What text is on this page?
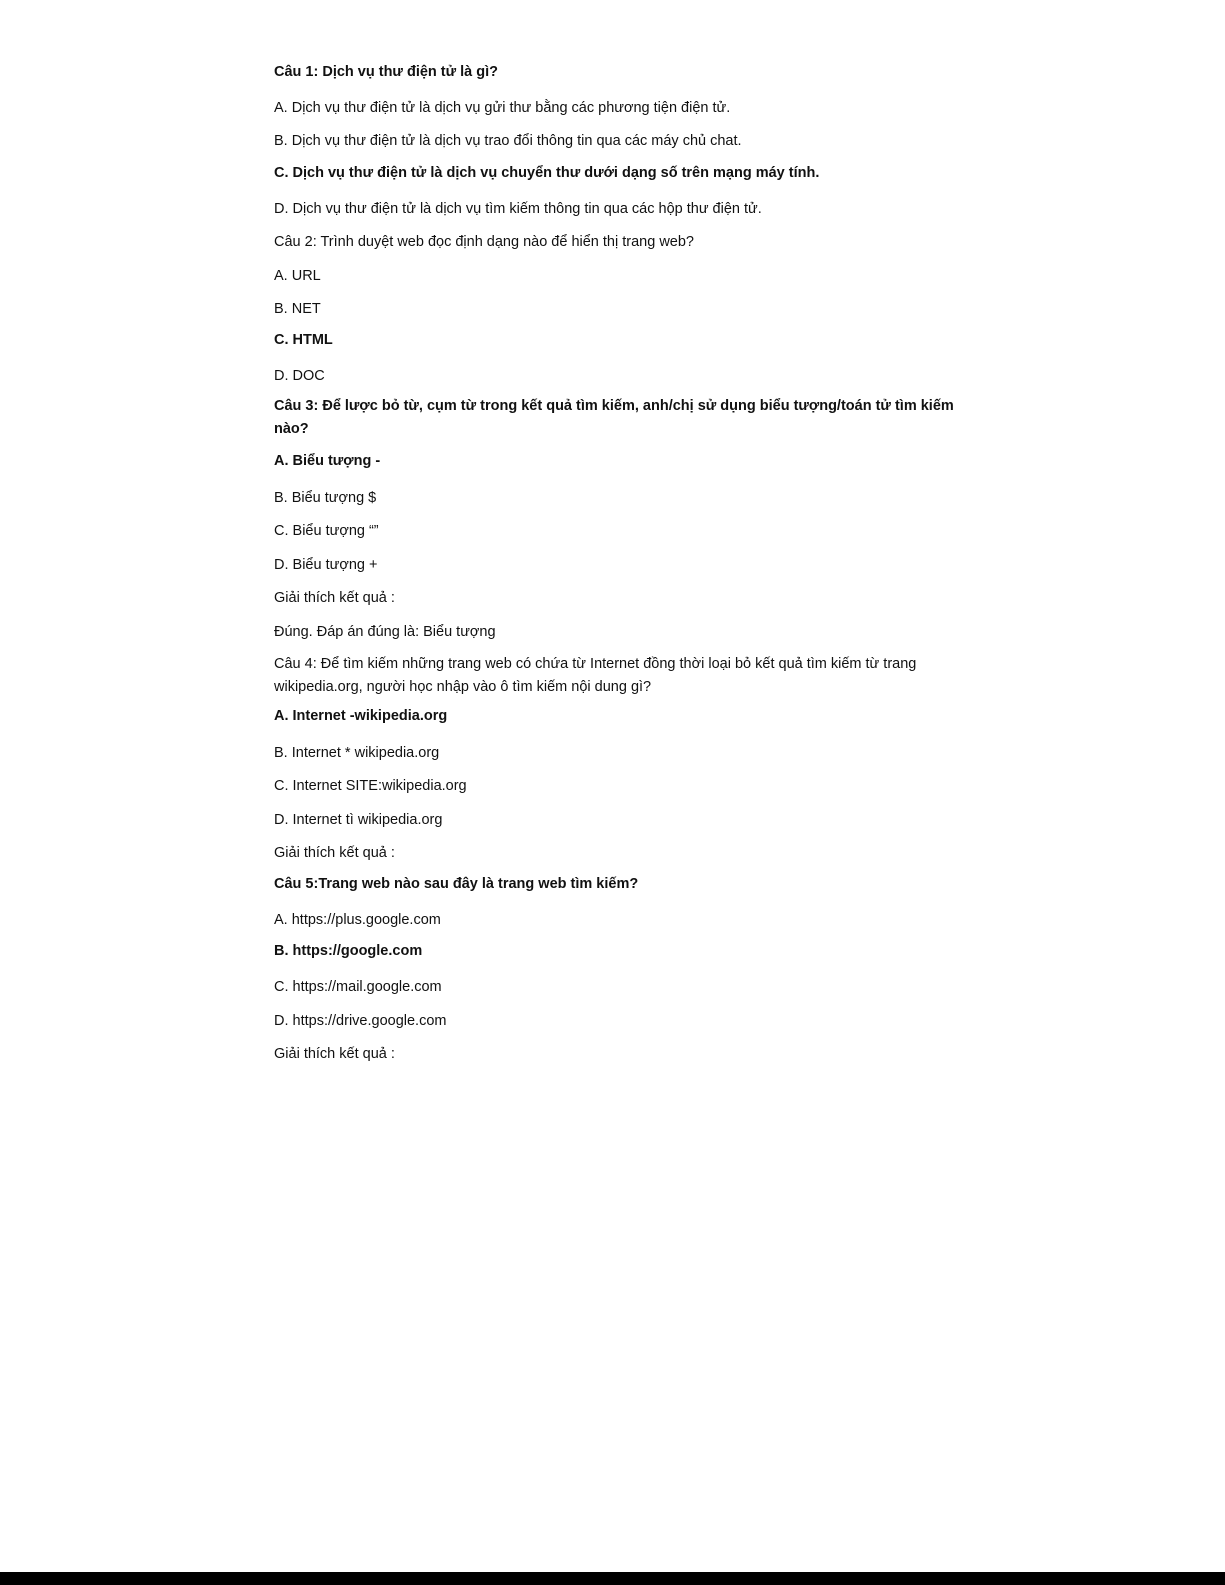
Câu 1: Dịch vụ thư điện tử là gì?
A. Dịch vụ thư điện tử là dịch vụ gửi thư bằng các phương tiện điện tử.
B. Dịch vụ thư điện tử là dịch vụ trao đổi thông tin qua các máy chủ chat.
C. Dịch vụ thư điện tử là dịch vụ chuyển thư dưới dạng số trên mạng máy tính.
D. Dịch vụ thư điện tử là dịch vụ tìm kiếm thông tin qua các hộp thư điện tử.
Câu 2: Trình duyệt web đọc định dạng nào để hiển thị trang web?
A. URL
B. NET
C. HTML
D. DOC
Câu 3: Để lược bỏ từ, cụm từ trong kết quả tìm kiếm, anh/chị sử dụng biểu tượng/toán tử tìm kiếm nào?
A. Biểu tượng -
B. Biểu tượng $
C. Biểu tượng “”
D. Biểu tượng +
Giải thích kết quả :
Đúng. Đáp án đúng là: Biểu tượng
Câu 4: Để tìm kiếm những trang web có chứa từ Internet đồng thời loại bỏ kết quả tìm kiếm từ trang wikipedia.org, người học nhập vào ô tìm kiếm nội dung gì?
A. Internet -wikipedia.org
B. Internet * wikipedia.org
C. Internet SITE:wikipedia.org
D. Internet tì wikipedia.org
Giải thích kết quả :
Câu 5:Trang web nào sau đây là trang web tìm kiếm?
A. https://plus.google.com
B. https://google.com
C. https://mail.google.com
D. https://drive.google.com
Giải thích kết quả :
